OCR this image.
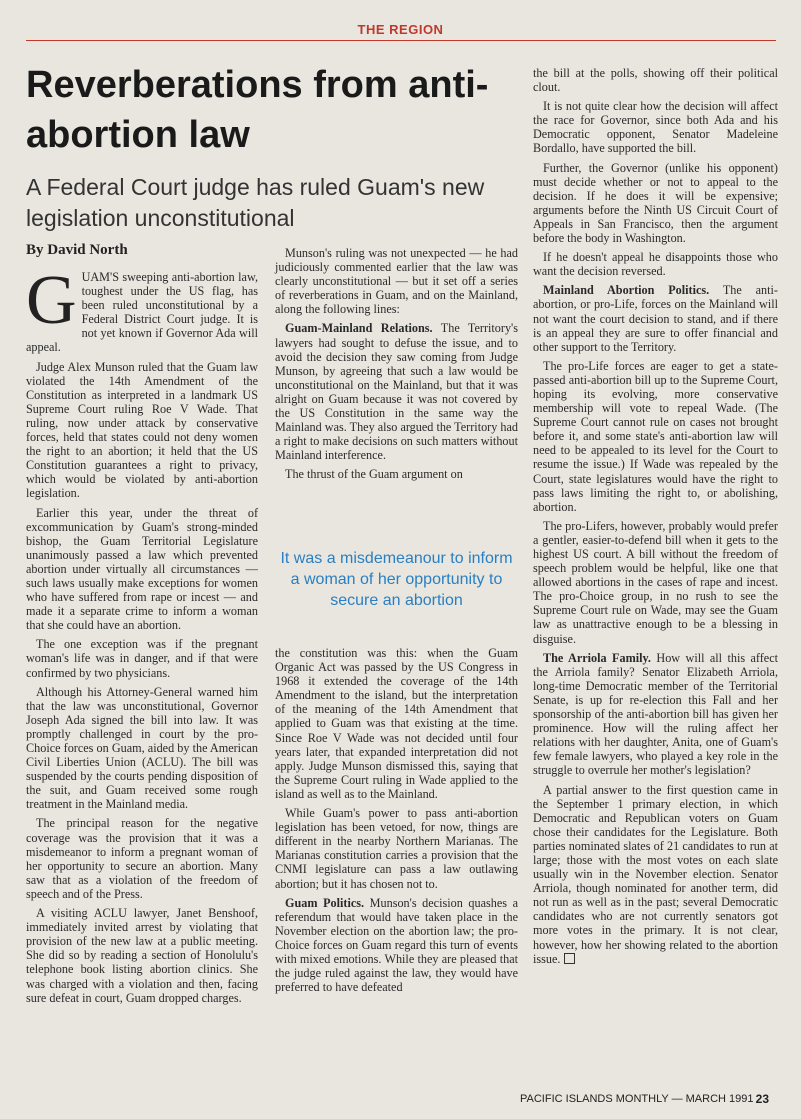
THE REGION
Reverberations from anti-abortion law
A Federal Court judge has ruled Guam's new legislation unconstitutional
By David North

GUAM'S sweeping anti-abortion law, toughest under the US flag, has been ruled unconstitutional by a Federal District Court judge. It is not yet known if Governor Ada will appeal.

Judge Alex Munson ruled that the Guam law violated the 14th Amendment of the Constitution as interpreted in a landmark US Supreme Court ruling Roe V Wade. That ruling, now under attack by conservative forces, held that states could not deny women the right to an abortion; it held that the US Constitution guarantees a right to privacy, which would be violated by anti-abortion legislation.

Earlier this year, under the threat of excommunication by Guam's strong-minded bishop, the Guam Territorial Legislature unanimously passed a law which prevented abortion under virtually all circumstances — such laws usually make exceptions for women who have suffered from rape or incest — and made it a separate crime to inform a woman that she could have an abortion.

The one exception was if the pregnant woman's life was in danger, and if that were confirmed by two physicians.

Although his Attorney-General warned him that the law was unconstitutional, Governor Joseph Ada signed the bill into law. It was promptly challenged in court by the pro-Choice forces on Guam, aided by the American Civil Liberties Union (ACLU). The bill was suspended by the courts pending disposition of the suit, and Guam received some rough treatment in the Mainland media.

The principal reason for the negative coverage was the provision that it was a misdemeanor to inform a pregnant woman of her opportunity to secure an abortion. Many saw that as a violation of the freedom of speech and of the Press.

A visiting ACLU lawyer, Janet Benshoof, immediately invited arrest by violating that provision of the new law at a public meeting. She did so by reading a section of Honolulu's telephone book listing abortion clinics. She was charged with a violation and then, facing sure defeat in court, Guam dropped charges.

Munson's ruling was not unexpected — he had judiciously commented earlier that the law was clearly unconstitutional — but it set off a series of reverberations in Guam, and on the Mainland, along the following lines:

Guam-Mainland Relations. The Territory's lawyers had sought to defuse the issue, and to avoid the decision they saw coming from Judge Munson, by agreeing that such a law would be unconstitutional on the Mainland, but that it was alright on Guam because it was not covered by the US Constitution in the same way the Mainland was. They also argued the Territory had a right to make decisions on such matters without Mainland interference.

The thrust of the Guam argument on

It was a misdemeanour to inform a woman of her opportunity to secure an abortion

the constitution was this: when the Guam Organic Act was passed by the US Congress in 1968 it extended the coverage of the 14th Amendment to the island, but the interpretation of the meaning of the 14th Amendment that applied to Guam was that existing at the time. Since Roe V Wade was not decided until four years later, that expanded interpretation did not apply. Judge Munson dismissed this, saying that the Supreme Court ruling in Wade applied to the island as well as to the Mainland.

While Guam's power to pass anti-abortion legislation has been vetoed, for now, things are different in the nearby Northern Marianas. The Marianas constitution carries a provision that the CNMI legislature can pass a law outlawing abortion; but it has chosen not to.

Guam Politics. Munson's decision quashes a referendum that would have taken place in the November election on the abortion law; the pro-Choice forces on Guam regard this turn of events with mixed emotions. While they are pleased that the judge ruled against the law, they would have preferred to have defeated

the bill at the polls, showing off their political clout.

It is not quite clear how the decision will affect the race for Governor, since both Ada and his Democratic opponent, Senator Madeleine Bordallo, have supported the bill.

Further, the Governor (unlike his opponent) must decide whether or not to appeal to the decision. If he does it will be expensive; arguments before the Ninth US Circuit Court of Appeals in San Francisco, then the argument before the body in Washington.

If he doesn't appeal he disappoints those who want the decision reversed.

Mainland Abortion Politics. The anti-abortion, or pro-Life, forces on the Mainland will not want the court decision to stand, and if there is an appeal they are sure to offer financial and other support to the Territory.

The pro-Life forces are eager to get a state-passed anti-abortion bill up to the Supreme Court, hoping its evolving, more conservative membership will vote to repeal Wade. (The Supreme Court cannot rule on cases not brought before it, and some state's anti-abortion law will need to be appealed to its level for the Court to resume the issue.) If Wade was repealed by the Court, state legislatures would have the right to pass laws limiting the right to, or abolishing, abortion.

The pro-Lifers, however, probably would prefer a gentler, easier-to-defend bill when it gets to the highest US court. A bill without the freedom of speech problem would be helpful, like one that allowed abortions in the cases of rape and incest. The pro-Choice group, in no rush to see the Supreme Court rule on Wade, may see the Guam law as unattractive enough to be a blessing in disguise.

The Arriola Family. How will all this affect the Arriola family? Senator Elizabeth Arriola, long-time Democratic member of the Territorial Senate, is up for re-election this Fall and her sponsorship of the anti-abortion bill has given her prominence. How will the ruling affect her relations with her daughter, Anita, one of Guam's few female lawyers, who played a key role in the struggle to overrule her mother's legislation?

A partial answer to the first question came in the September 1 primary election, in which Democratic and Republican voters on Guam chose their candidates for the Legislature. Both parties nominated slates of 21 candidates to run at large; those with the most votes on each slate usually win in the November election. Senator Arriola, though nominated for another term, did not run as well as in the past; several Democratic candidates who are not currently senators got more votes in the primary. It is not clear, however, how her showing related to the abortion issue.

PACIFIC ISLANDS MONTHLY — MARCH 1991 23
